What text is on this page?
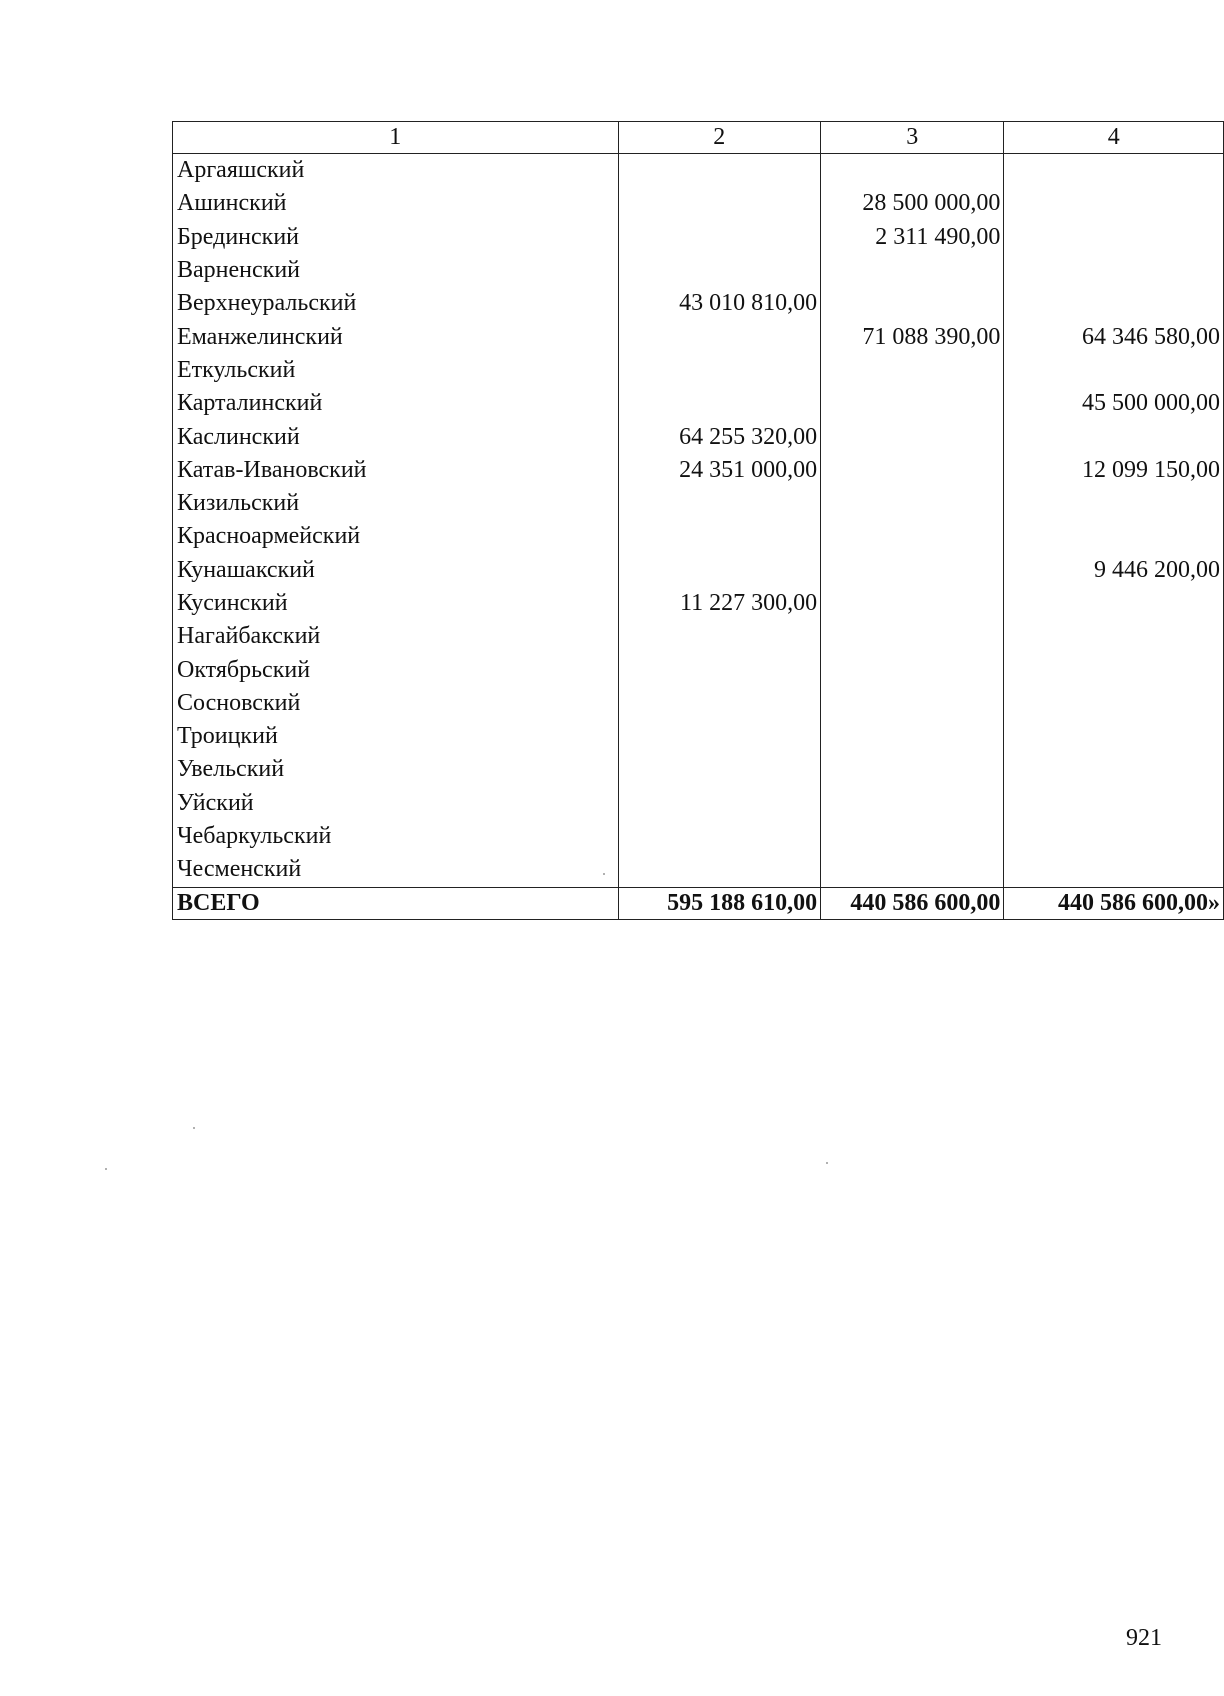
1	2	3	4
Аргаяшский			
Ашинский		28 500 000,00	
Брединский		2 311 490,00	
Варненский			
Верхнеуральский	43 010 810,00		
Еманжелинский		71 088 390,00	64 346 580,00
Еткульский			
Карталинский			45 500 000,00
Каслинский	64 255 320,00		
Катав-Ивановский	24 351 000,00		12 099 150,00
Кизильский			
Красноармейский			
Кунашакский			9 446 200,00
Кусинский	11 227 300,00		
Нагайбакский			
Октябрьский			
Сосновский			
Троицкий			
Увельский			
Уйский			
Чебаркульский			
Чесменский			
ВСЕГО	595 188 610,00	440 586 600,00	440 586 600,00»
921
